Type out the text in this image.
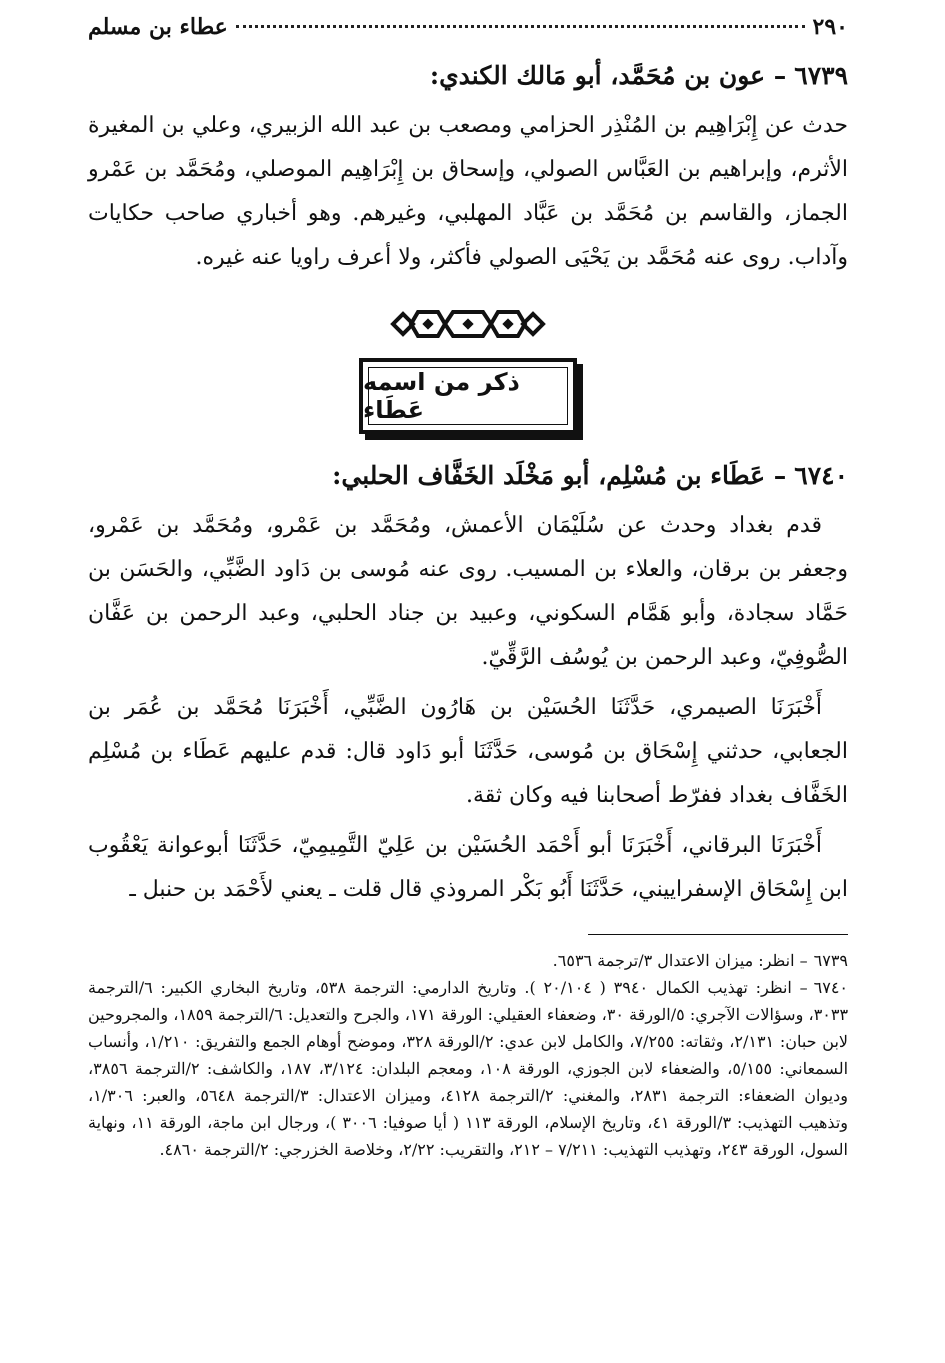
٢٩٠
عطاء بن مسلم
٦٧٣٩– عون بن مُحَمَّد، أبو مَالك الكندي:

حدث عن إِبْرَاهِيم بن المُنْذِر الحزامي ومصعب بن عبد الله الزبيري، وعلي بن المغيرة الأثرم، وإبراهيم بن العَبَّاس الصولي، وإسحاق بن إِبْرَاهِيم الموصلي، ومُحَمَّد بن عَمْرو الجماز، والقاسم بن مُحَمَّد بن عَبَّاد المهلبي، وغيرهم. وهو أخباري صاحب حكايات وآداب. روى عنه مُحَمَّد بن يَحْيَى الصولي فأكثر، ولا أعرف راويا عنه غيره.

ذكر من اسمه عَطَاء
٦٧٤٠– عَطَاء بن مُسْلِم، أبو مَخْلَد الخَفَّاف الحلبي:

قدم بغداد وحدث عن سُلَيْمَان الأعمش، ومُحَمَّد بن عَمْرو، ومُحَمَّد بن عَمْرو، وجعفر بن برقان، والعلاء بن المسيب. روى عنه مُوسى بن دَاود الضَّبِّي، والحَسَن بن حَمَّاد سجادة، وأبو هَمَّام السكوني، وعبيد بن جناد الحلبي، وعبد الرحمن بن عَفَّان الصُّوفِيّ، وعبد الرحمن بن يُوسُف الرَّقِّيّ.

أَخْبَرَنَا الصيمري، حَدَّثَنَا الحُسَيْن بن هَارُون الضَّبِّي، أَخْبَرَنَا مُحَمَّد بن عُمَر بن الجعابي، حدثني إِسْحَاق بن مُوسى، حَدَّثَنَا أبو دَاود قال: قدم عليهم عَطَاء بن مُسْلِم الخَفَّاف بغداد ففرّط أصحابنا فيه وكان ثقة.

أَخْبَرَنَا البرقاني، أَخْبَرَنَا أبو أَحْمَد الحُسَيْن بن عَلِيّ التَّمِيمِيّ، حَدَّثَنَا أبوعوانة يَعْقُوب ابن إِسْحَاق الإسفراييني، حَدَّثَنَا أَبُو بَكْر المروذي قال قلت ـ يعني لأَحْمَد بن حنبل ـ

٦٧٣٩– انظر: ميزان الاعتدال ٣/ترجمة ٦٥٣٦.

٦٧٤٠– انظر: تهذيب الكمال ٣٩٤٠ ( ٢٠/١٠٤ ). وتاريخ الدارمي: الترجمة ٥٣٨، وتاريخ البخاري الكبير: ٦/الترجمة ٣٠٣٣، وسؤالات الآجري: ٥/الورقة ٣٠، وضعفاء العقيلي: الورقة ١٧١، والجرح والتعديل: ٦/الترجمة ١٨٥٩، والمجروحين لابن حبان: ٢/١٣١، وثقاته: ٧/٢٥٥، والكامل لابن عدي: ٢/الورقة ٣٢٨، وموضح أوهام الجمع والتفريق: ١/٢١٠، وأنساب السمعاني: ٥/١٥٥، والضعفاء لابن الجوزي، الورقة ١٠٨، ومعجم البلدان: ٣/١٢٤، ١٨٧، والكاشف: ٢/الترجمة ٣٨٥٦، وديوان الضعفاء: الترجمة ٢٨٣١، والمغني: ٢/الترجمة ٤١٢٨، وميزان الاعتدال: ٣/الترجمة ٥٦٤٨، والعبر: ١/٣٠٦، وتذهيب التهذيب: ٣/الورقة ٤١، وتاريخ الإسلام، الورقة ١١٣ ( أيا صوفيا: ٣٠٠٦ )، ورجال ابن ماجة، الورقة ١١، ونهاية السول، الورقة ٢٤٣، وتهذيب التهذيب: ٧/٢١١ – ٢١٢، والتقريب: ٢/٢٢، وخلاصة الخزرجي: ٢/الترجمة ٤٨٦٠.
